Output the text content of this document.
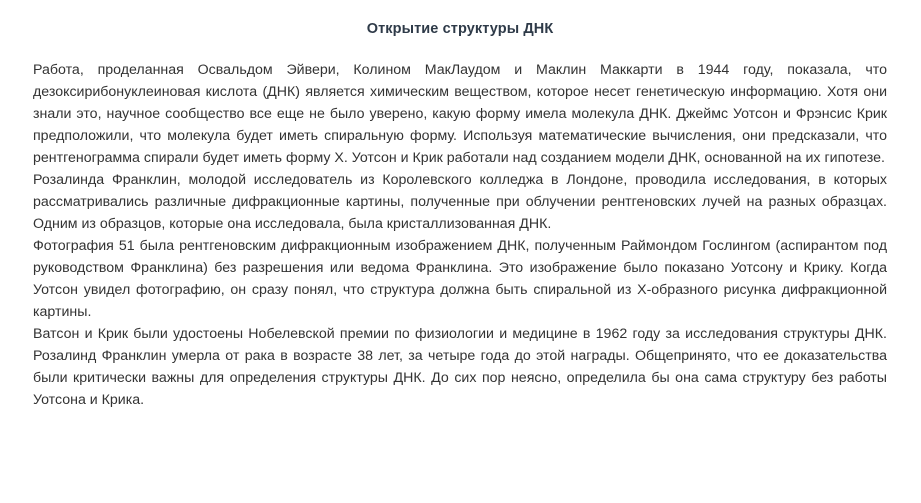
Открытие структуры ДНК

Работа, проделанная Освальдом Эйвери, Колином МакЛаудом и Маклин Маккарти в 1944 году, показала, что дезоксирибонуклеиновая кислота (ДНК) является химическим веществом, которое несет генетическую информацию. Хотя они знали это, научное сообщество все еще не было уверено, какую форму имела молекула ДНК. Джеймс Уотсон и Фрэнсис Крик предположили, что молекула будет иметь спиральную форму. Используя математические вычисления, они предсказали, что рентгенограмма спирали будет иметь форму X. Уотсон и Крик работали над созданием модели ДНК, основанной на их гипотезе.

Розалинда Франклин, молодой исследователь из Королевского колледжа в Лондоне, проводила исследования, в которых рассматривались различные дифракционные картины, полученные при облучении рентгеновских лучей на разных образцах. Одним из образцов, которые она исследовала, была кристаллизованная ДНК.

Фотография 51 была рентгеновским дифракционным изображением ДНК, полученным Раймондом Гослингом (аспирантом под руководством Франклина) без разрешения или ведома Франклина. Это изображение было показано Уотсону и Крику. Когда Уотсон увидел фотографию, он сразу понял, что структура должна быть спиральной из X-образного рисунка дифракционной картины.

Ватсон и Крик были удостоены Нобелевской премии по физиологии и медицине в 1962 году за исследования структуры ДНК. Розалинд Франклин умерла от рака в возрасте 38 лет, за четыре года до этой награды. Общепринято, что ее доказательства были критически важны для определения структуры ДНК. До сих пор неясно, определила бы она сама структуру без работы Уотсона и Крика.
